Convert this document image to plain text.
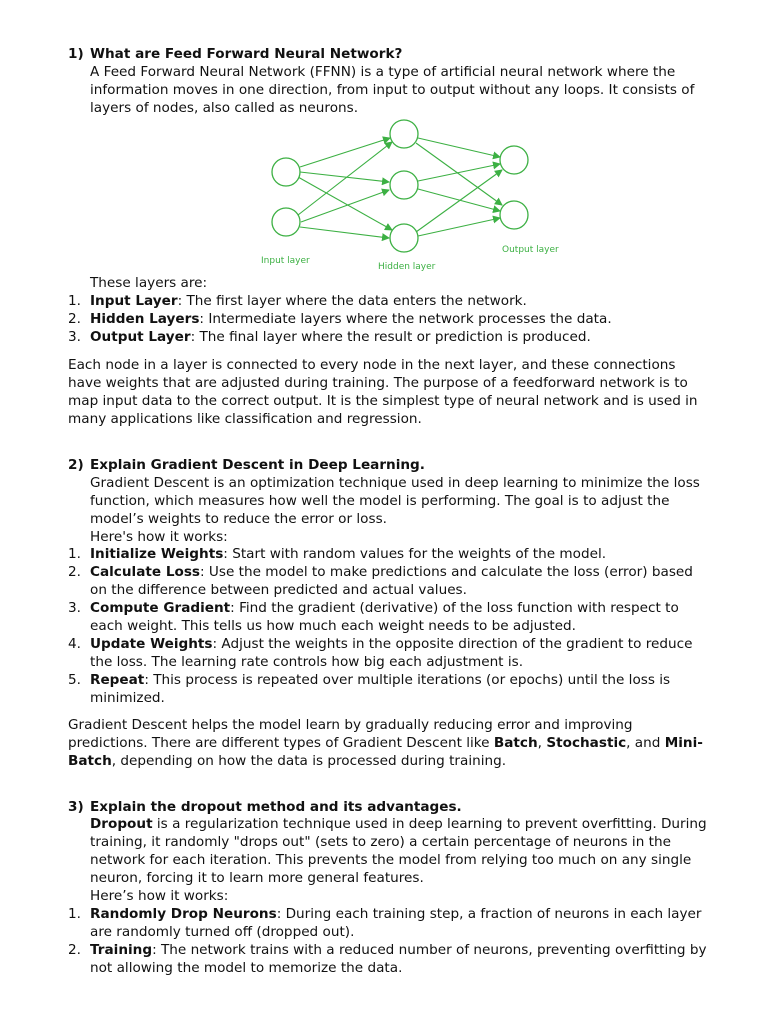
1) What are Feed Forward Neural Network?
A Feed Forward Neural Network (FFNN) is a type of artificial neural network where the
information moves in one direction, from input to output without any loops. It consists of
layers of nodes, also called as neurons.
Input layer
Hidden layer
Output layer
These layers are:
1. Input Layer: The first layer where the data enters the network.
2. Hidden Layers: Intermediate layers where the network processes the data.
3. Output Layer: The final layer where the result or prediction is produced.
Each node in a layer is connected to every node in the next layer, and these connections
have weights that are adjusted during training. The purpose of a feedforward network is to
map input data to the correct output. It is the simplest type of neural network and is used in
many applications like classification and regression.
2) Explain Gradient Descent in Deep Learning.
Gradient Descent is an optimization technique used in deep learning to minimize the loss
function, which measures how well the model is performing. The goal is to adjust the
model’s weights to reduce the error or loss.
Here's how it works:
1. Initialize Weights: Start with random values for the weights of the model.
2. Calculate Loss: Use the model to make predictions and calculate the loss (error) based
on the difference between predicted and actual values.
3. Compute Gradient: Find the gradient (derivative) of the loss function with respect to
each weight. This tells us how much each weight needs to be adjusted.
4. Update Weights: Adjust the weights in the opposite direction of the gradient to reduce
the loss. The learning rate controls how big each adjustment is.
5. Repeat: This process is repeated over multiple iterations (or epochs) until the loss is
minimized.
Gradient Descent helps the model learn by gradually reducing error and improving
predictions. There are different types of Gradient Descent like Batch, Stochastic, and Mini-
Batch, depending on how the data is processed during training.
3) Explain the dropout method and its advantages.
Dropout is a regularization technique used in deep learning to prevent overfitting. During
training, it randomly "drops out" (sets to zero) a certain percentage of neurons in the
network for each iteration. This prevents the model from relying too much on any single
neuron, forcing it to learn more general features.
Here’s how it works:
1. Randomly Drop Neurons: During each training step, a fraction of neurons in each layer
are randomly turned off (dropped out).
2. Training: The network trains with a reduced number of neurons, preventing overfitting by
not allowing the model to memorize the data.
